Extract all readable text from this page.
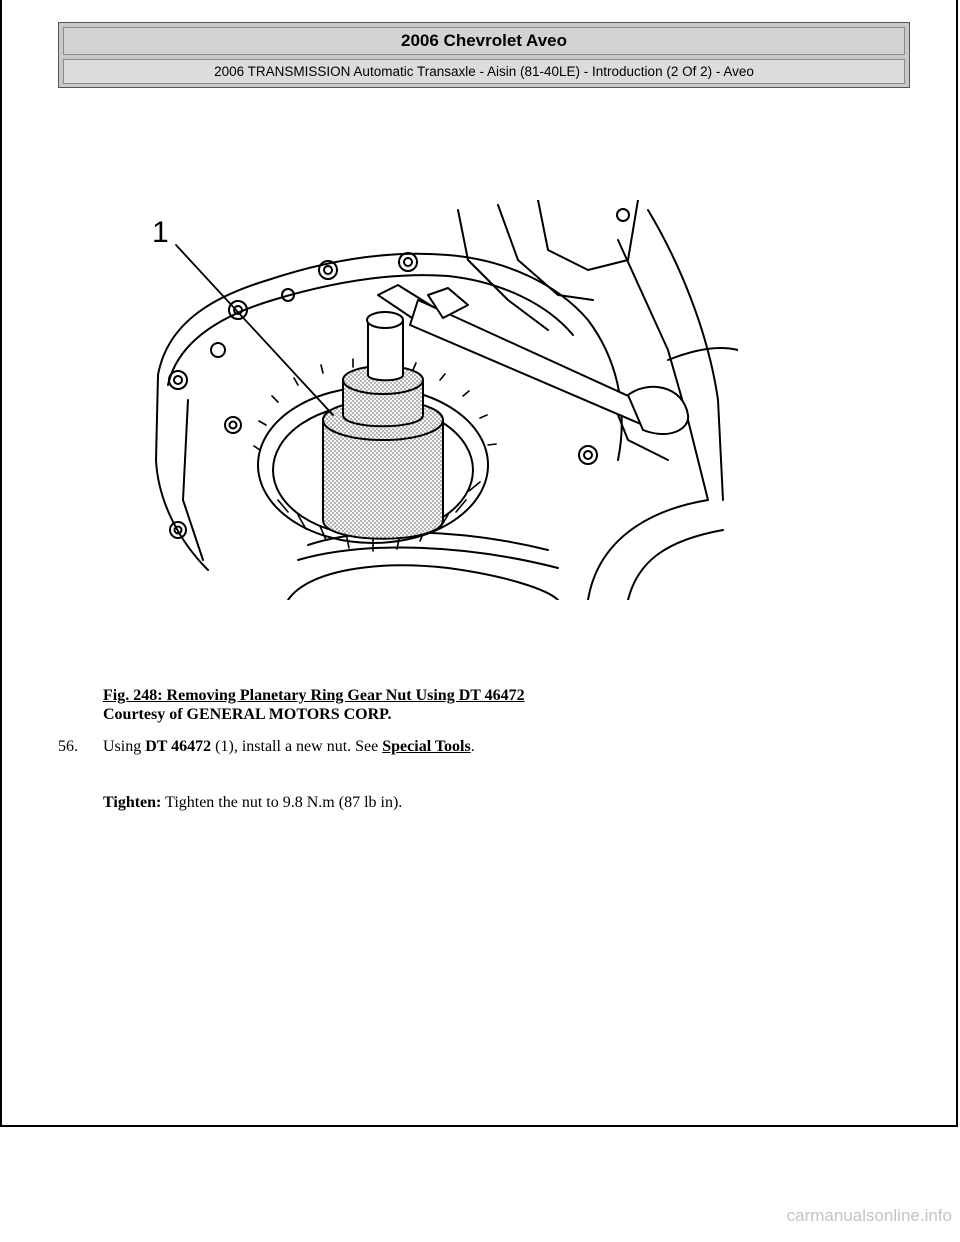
2006 Chevrolet Aveo
2006 TRANSMISSION Automatic Transaxle - Aisin (81-40LE) - Introduction (2 Of 2) - Aveo
1
Fig. 248: Removing Planetary Ring Gear Nut Using DT 46472
Courtesy of GENERAL MOTORS CORP.
56. Using DT 46472 (1), install a new nut. See Special Tools.
Tighten: Tighten the nut to 9.8 N.m (87 lb in).
carmanualsonline.info
